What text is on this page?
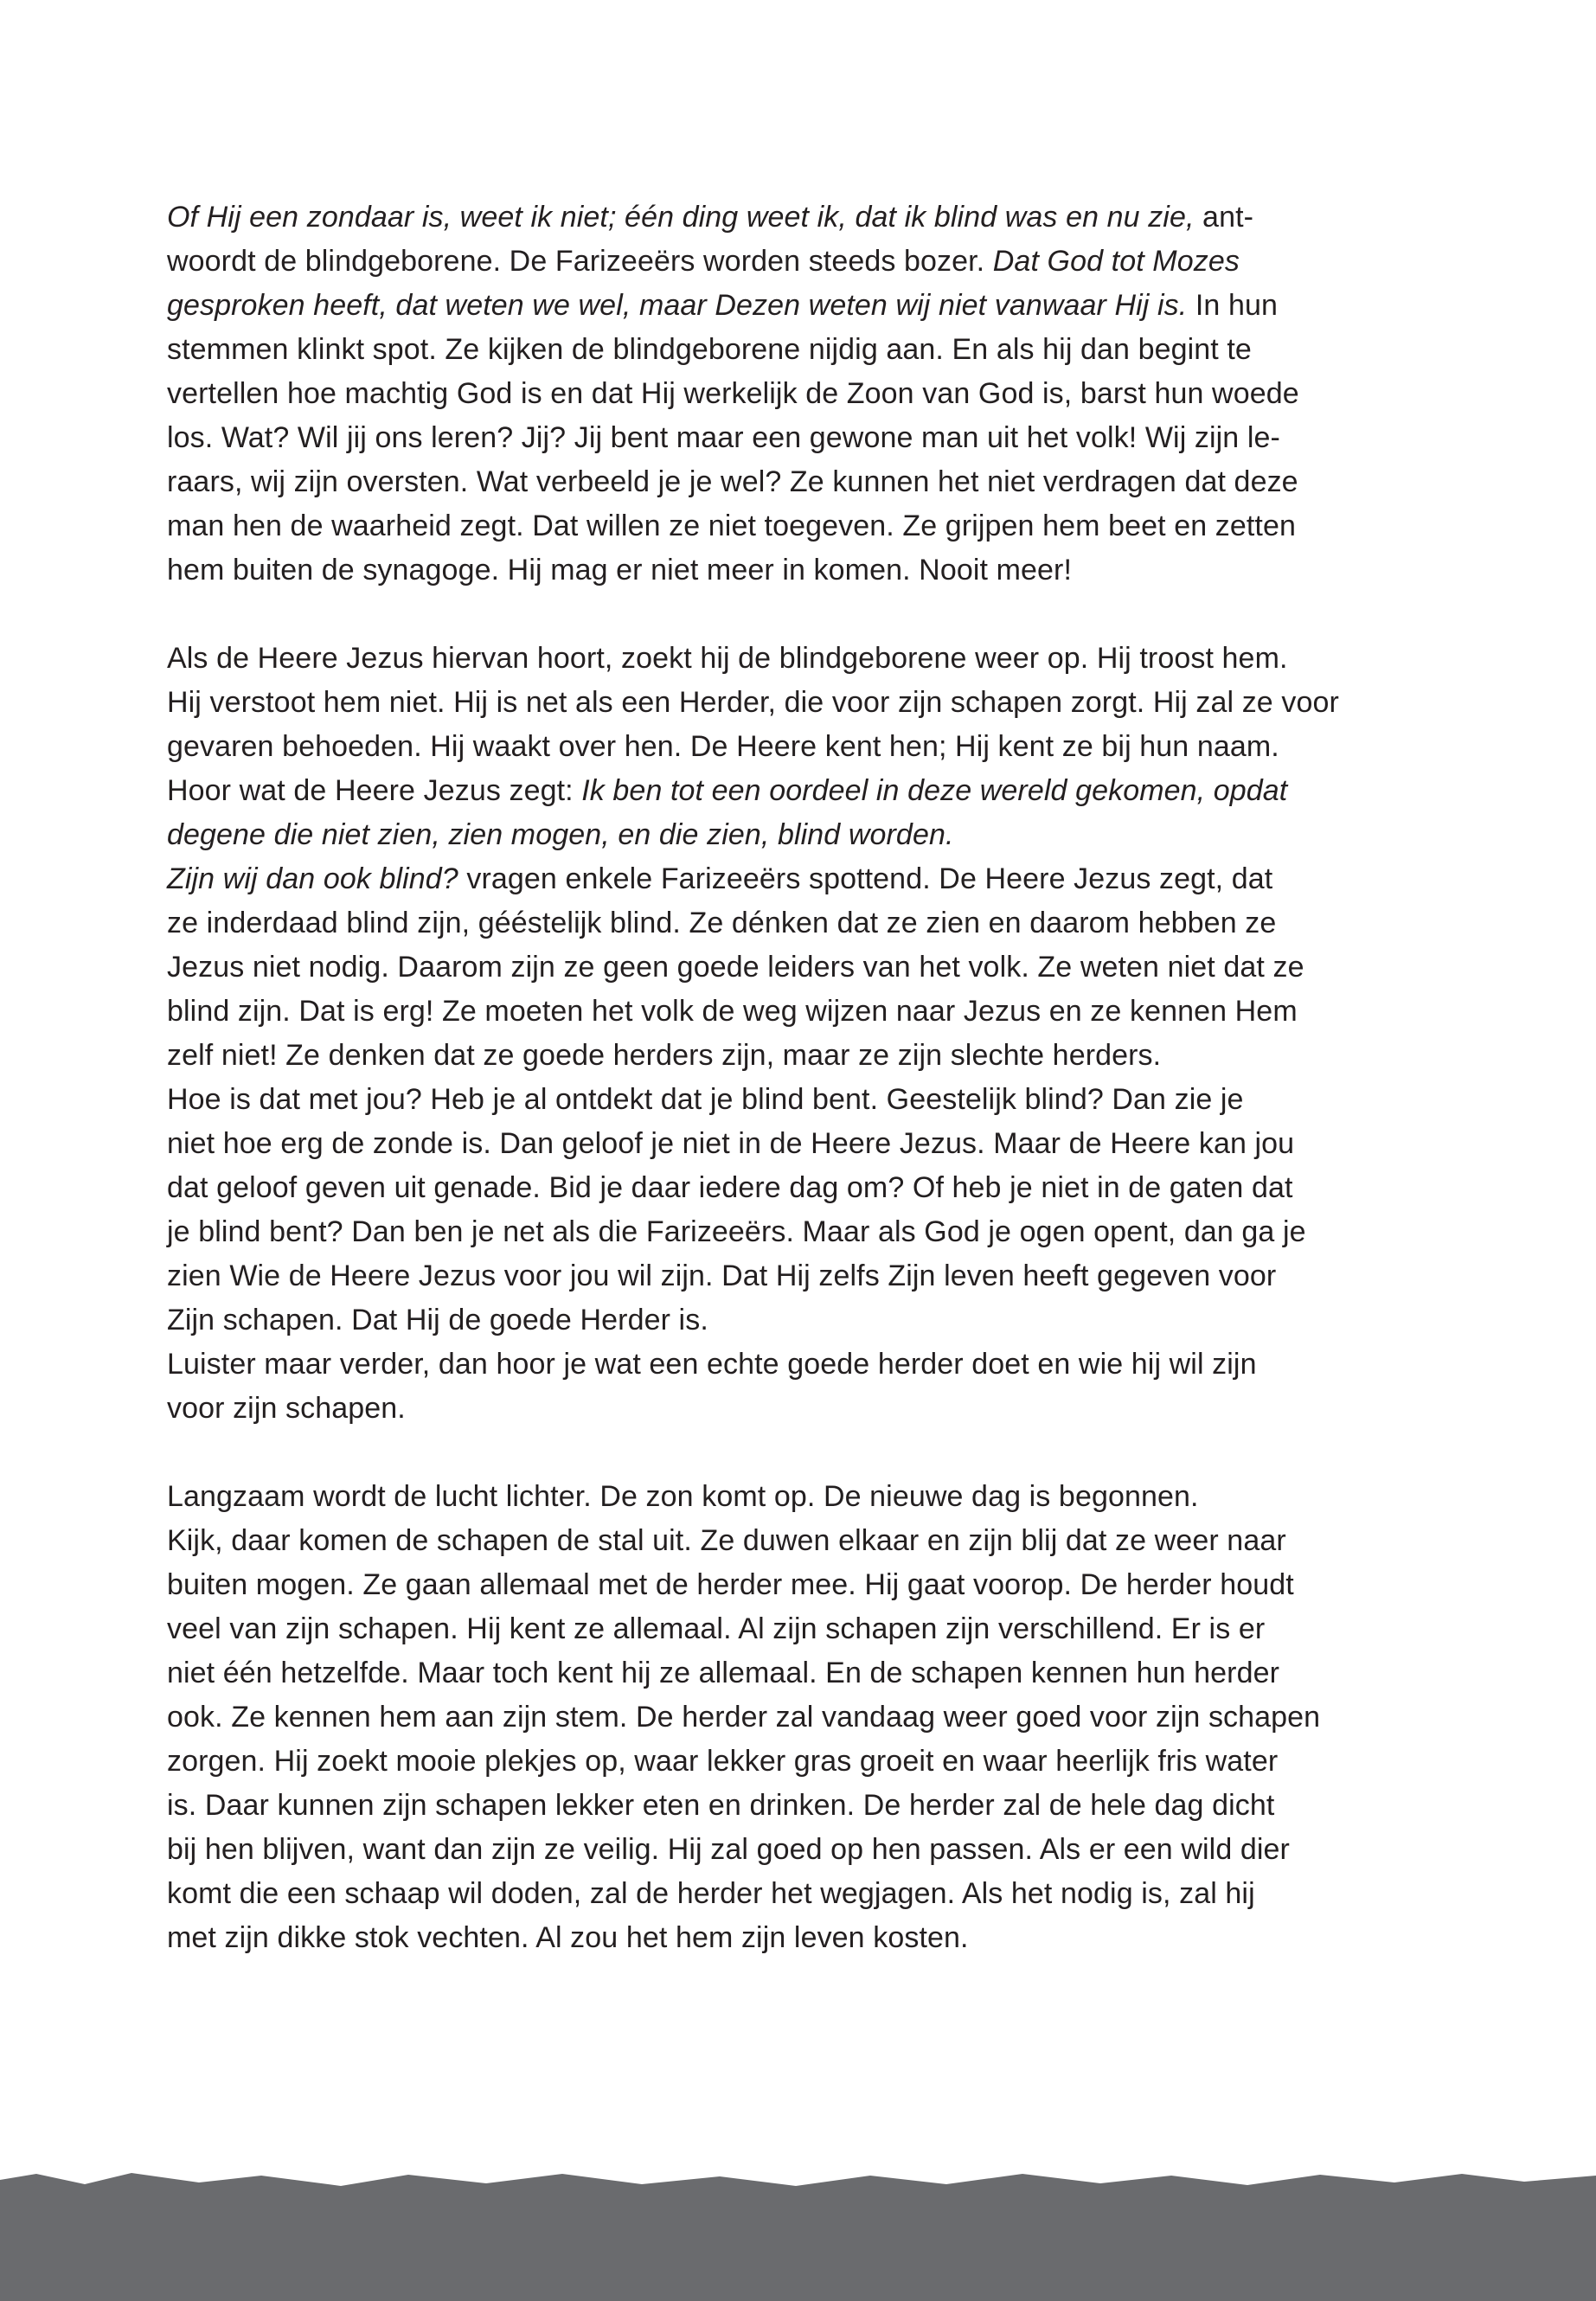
Of Hij een zondaar is, weet ik niet; één ding weet ik, dat ik blind was en nu zie, ant-
woordt de blindgeborene. De Farizeeërs worden steeds bozer. Dat God tot Mozes
gesproken heeft, dat weten we wel, maar Dezen weten wij niet vanwaar Hij is. In hun
stemmen klinkt spot. Ze kijken de blindgeborene nijdig aan. En als hij dan begint te
vertellen hoe machtig God is en dat Hij werkelijk de Zoon van God is, barst hun woede
los. Wat? Wil jij ons leren? Jij? Jij bent maar een gewone man uit het volk! Wij zijn le-
raars, wij zijn oversten. Wat verbeeld je je wel? Ze kunnen het niet verdragen dat deze
man hen de waarheid zegt. Dat willen ze niet toegeven. Ze grijpen hem beet en zetten
hem buiten de synagoge. Hij mag er niet meer in komen. Nooit meer!
Als de Heere Jezus hiervan hoort, zoekt hij de blindgeborene weer op. Hij troost hem.
Hij verstoot hem niet. Hij is net als een Herder, die voor zijn schapen zorgt. Hij zal ze voor
gevaren behoeden. Hij waakt over hen. De Heere kent hen; Hij kent ze bij hun naam.
Hoor wat de Heere Jezus zegt: Ik ben tot een oordeel in deze wereld gekomen, opdat
degene die niet zien, zien mogen, en die zien, blind worden.
Zijn wij dan ook blind? vragen enkele Farizeeërs spottend. De Heere Jezus zegt, dat
ze inderdaad blind zijn, gééstelijk blind. Ze dénken dat ze zien en daarom hebben ze
Jezus niet nodig. Daarom zijn ze geen goede leiders van het volk. Ze weten niet dat ze
blind zijn. Dat is erg! Ze moeten het volk de weg wijzen naar Jezus en ze kennen Hem
zelf niet! Ze denken dat ze goede herders zijn, maar ze zijn slechte herders.
Hoe is dat met jou? Heb je al ontdekt dat je blind bent. Geestelijk blind? Dan zie je
niet hoe erg de zonde is. Dan geloof je niet in de Heere Jezus. Maar de Heere kan jou
dat geloof geven uit genade. Bid je daar iedere dag om? Of heb je niet in de gaten dat
je blind bent? Dan ben je net als die Farizeeërs. Maar als God je ogen opent, dan ga je
zien Wie de Heere Jezus voor jou wil zijn. Dat Hij zelfs Zijn leven heeft gegeven voor
Zijn schapen. Dat Hij de goede Herder is.
Luister maar verder, dan hoor je wat een echte goede herder doet en wie hij wil zijn
voor zijn schapen.
Langzaam wordt de lucht lichter. De zon komt op. De nieuwe dag is begonnen.
Kijk, daar komen de schapen de stal uit. Ze duwen elkaar en zijn blij dat ze weer naar
buiten mogen. Ze gaan allemaal met de herder mee. Hij gaat voorop. De herder houdt
veel van zijn schapen. Hij kent ze allemaal. Al zijn schapen zijn verschillend. Er is er
niet één hetzelfde. Maar toch kent hij ze allemaal. En de schapen kennen hun herder
ook. Ze kennen hem aan zijn stem. De herder zal vandaag weer goed voor zijn schapen
zorgen. Hij zoekt mooie plekjes op, waar lekker gras groeit en waar heerlijk fris water
is. Daar kunnen zijn schapen lekker eten en drinken. De herder zal de hele dag dicht
bij hen blijven, want dan zijn ze veilig. Hij zal goed op hen passen. Als er een wild dier
komt die een schaap wil doden, zal de herder het wegjagen. Als het nodig is, zal hij
met zijn dikke stok vechten. Al zou het hem zijn leven kosten.
